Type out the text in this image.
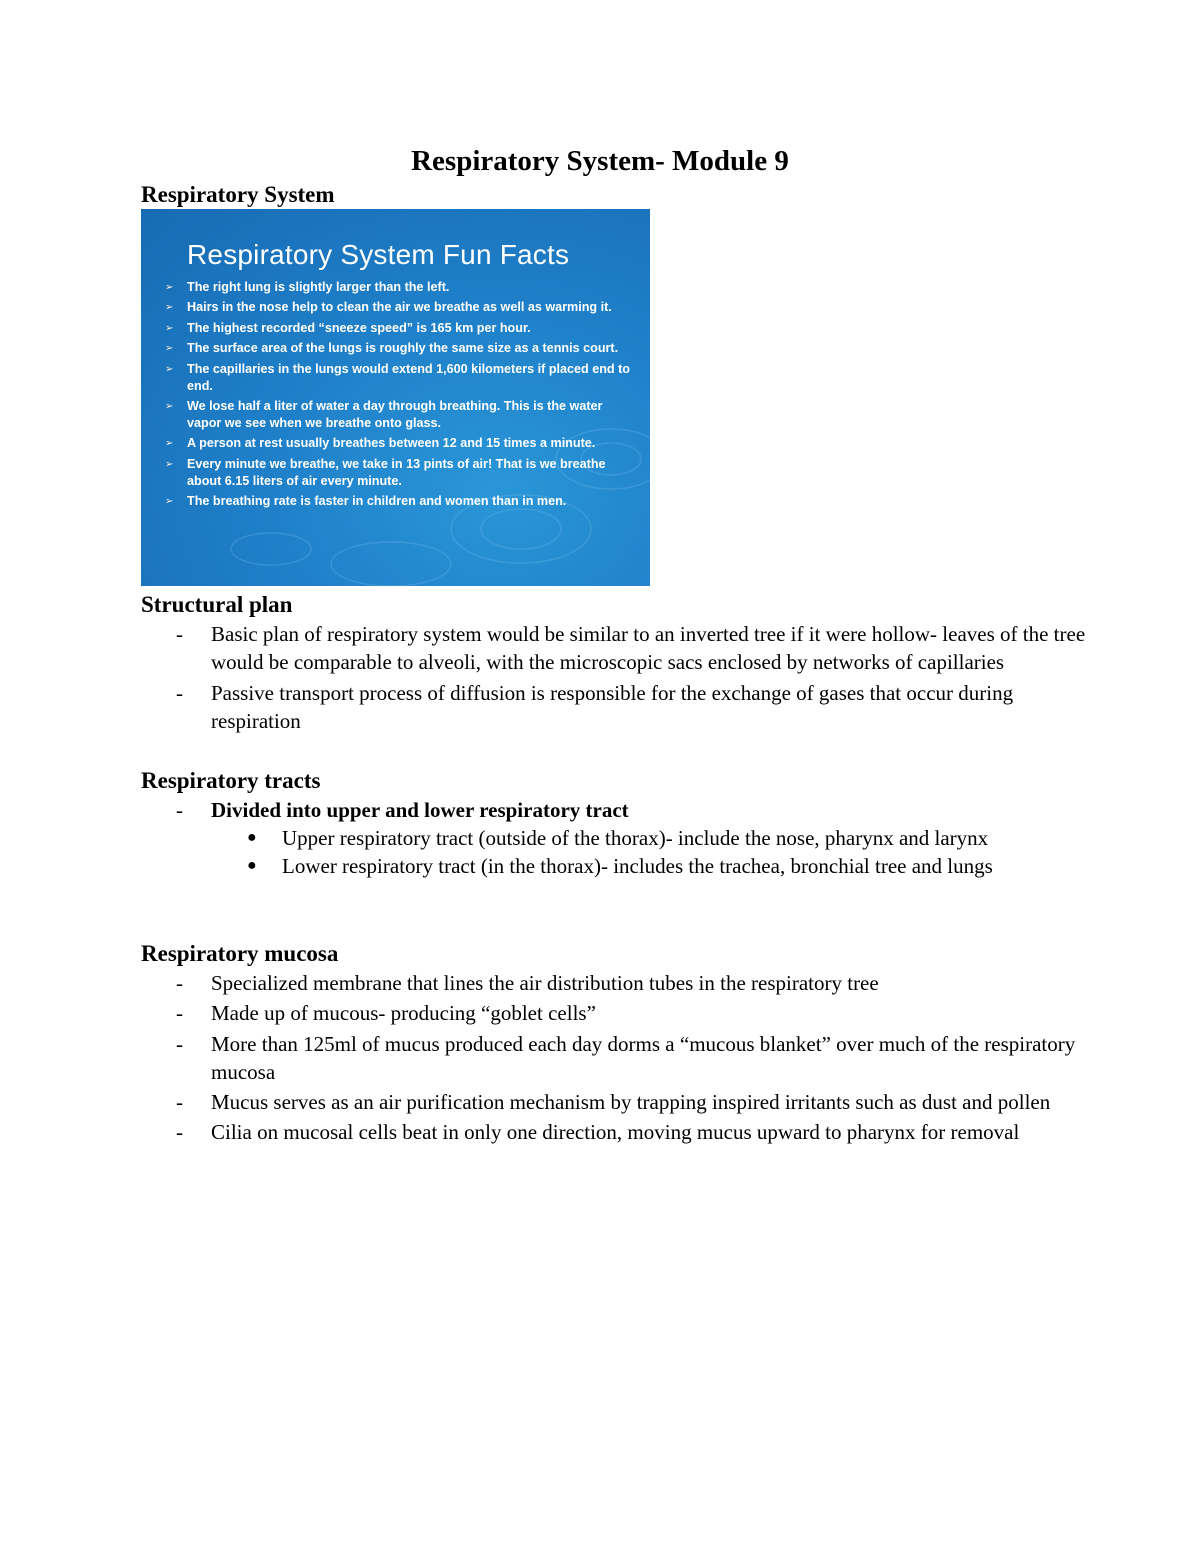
Respiratory System- Module 9
Respiratory System
Respiratory System Fun Facts
➢ The right lung is slightly larger than the left.
➢ Hairs in the nose help to clean the air we breathe as well as warming it.
➢ The highest recorded “sneeze speed” is 165 km per hour.
➢ The surface area of the lungs is roughly the same size as a tennis court.
➢ The capillaries in the lungs would extend 1,600 kilometers if placed end to end.
➢ We lose half a liter of water a day through breathing. This is the water vapor we see when we breathe onto glass.
➢ A person at rest usually breathes between 12 and 15 times a minute.
➢ Every minute we breathe, we take in 13 pints of air! That is we breathe about 6.15 liters of air every minute.
➢ The breathing rate is faster in children and women than in men.
Structural plan
- Basic plan of respiratory system would be similar to an inverted tree if it were hollow- leaves of the tree would be comparable to alveoli, with the microscopic sacs enclosed by networks of capillaries
- Passive transport process of diffusion is responsible for the exchange of gases that occur during respiration
Respiratory tracts
- Divided into upper and lower respiratory tract
● Upper respiratory tract (outside of the thorax)- include the nose, pharynx and larynx
● Lower respiratory tract (in the thorax)- includes the trachea, bronchial tree and lungs
Respiratory mucosa
- Specialized membrane that lines the air distribution tubes in the respiratory tree
- Made up of mucous- producing “goblet cells”
- More than 125ml of mucus produced each day dorms a “mucous blanket” over much of the respiratory mucosa
- Mucus serves as an air purification mechanism by trapping inspired irritants such as dust and pollen
- Cilia on mucosal cells beat in only one direction, moving mucus upward to pharynx for removal
